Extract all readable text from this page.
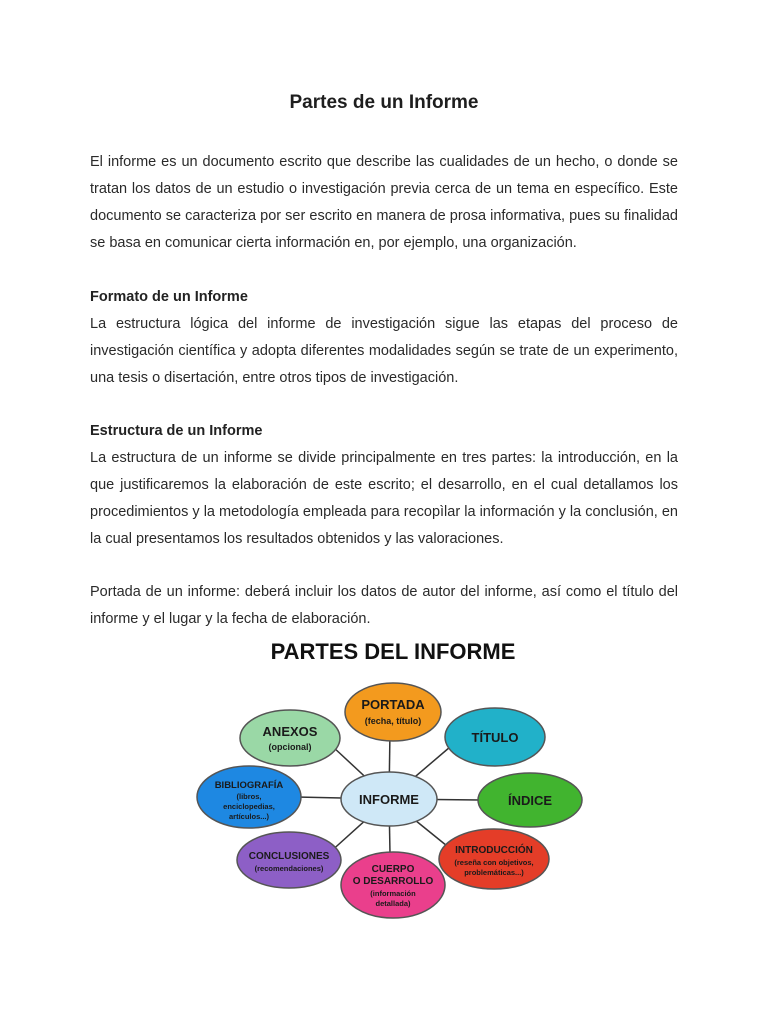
Partes de un Informe

El informe es un documento escrito que describe las cualidades de un hecho, o donde se tratan los datos de un estudio o investigación previa cerca de un tema en específico. Este documento se caracteriza por ser escrito en manera de prosa informativa, pues su finalidad se basa en comunicar cierta información en, por ejemplo, una organización.

Formato de un Informe

La estructura lógica del informe de investigación sigue las etapas del proceso de investigación científica y adopta diferentes modalidades según se trate de un experimento, una tesis o disertación, entre otros tipos de investigación.

Estructura de un Informe

La estructura de un informe se divide principalmente en tres partes: la introducción, en la que justificaremos la elaboración de este escrito; el desarrollo, en el cual detallamos los procedimientos y la metodología empleada para recopìlar la información y la conclusión, en la cual presentamos los resultados obtenidos y las valoraciones.

Portada de un informe: deberá incluir los datos de autor del informe, así como el título del informe y el lugar y la fecha de elaboración.

PARTES DEL INFORME
PORTADA
(fecha, título)
TÍTULO
ÍNDICE
INTRODUCCIÓN
(reseña con objetivos,
problemáticas...)
CUERPO
O DESARROLLO
(información
detallada)
CONCLUSIONES
(recomendaciones)
BIBLIOGRAFÍA
(libros,
enciclopedias,
artículos...)
ANEXOS
(opcional)
INFORME
